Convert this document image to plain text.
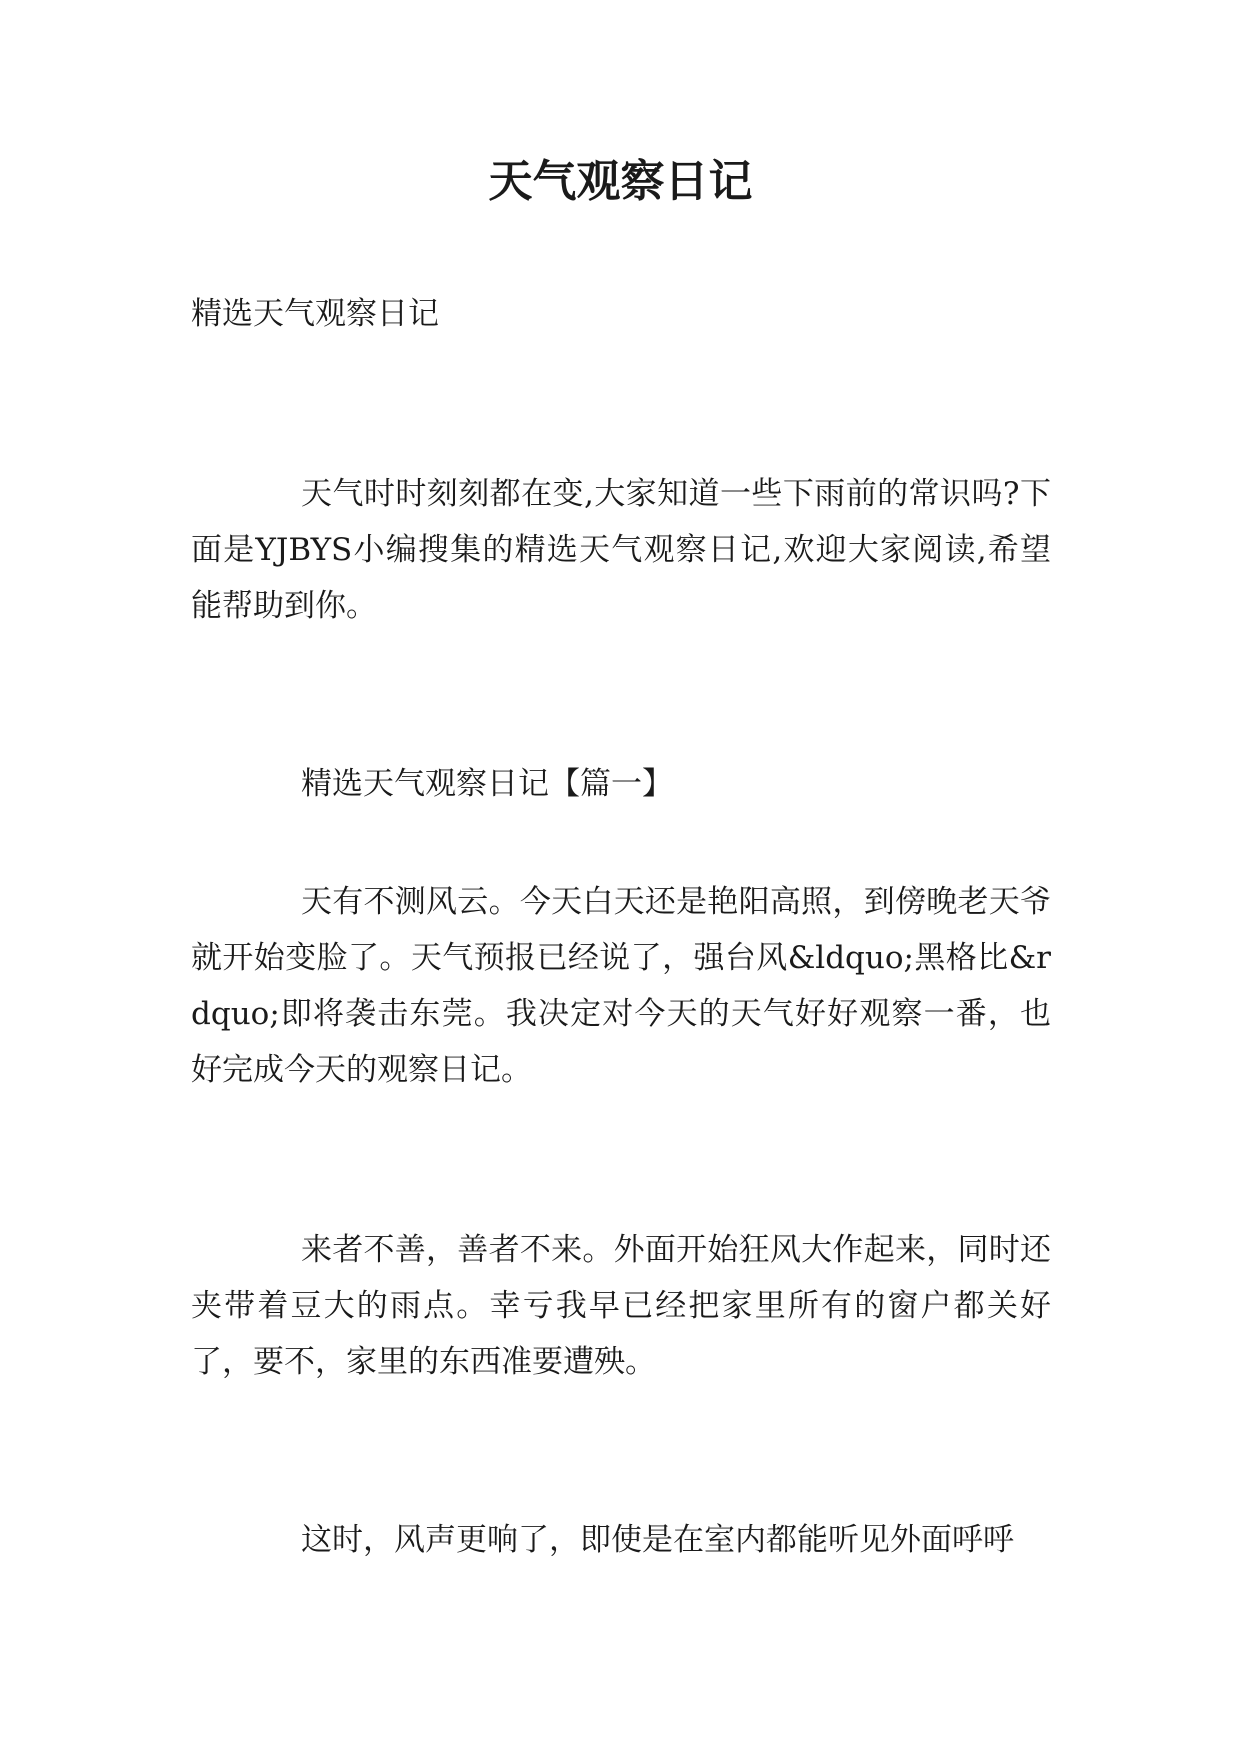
天气观察日记

精选天气观察日记

天气时时刻刻都在变,大家知道一些下雨前的常识吗?下面是YJBYS小编搜集的精选天气观察日记,欢迎大家阅读,希望能帮助到你。

精选天气观察日记【篇一】

天有不测风云。今天白天还是艳阳高照，到傍晚老天爷就开始变脸了。天气预报已经说了，强台风&ldquo;黑格比&rdquo;即将袭击东莞。我决定对今天的天气好好观察一番，也好完成今天的观察日记。

来者不善，善者不来。外面开始狂风大作起来，同时还夹带着豆大的雨点。幸亏我早已经把家里所有的窗户都关好了，要不，家里的东西准要遭殃。

这时，风声更响了，即使是在室内都能听见外面呼呼
